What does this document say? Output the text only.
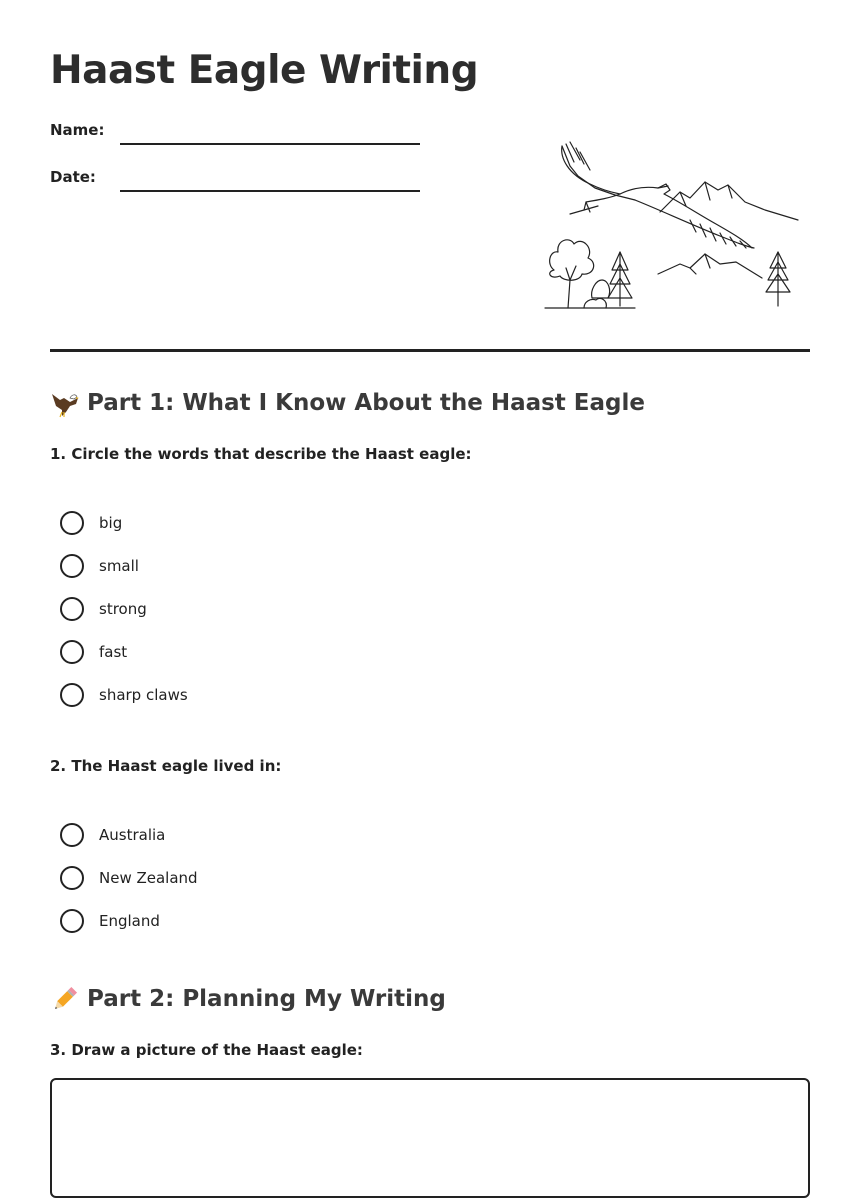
Haast Eagle Writing
Name:
Date:
Part 1: What I Know About the Haast Eagle
1. Circle the words that describe the Haast eagle:
big
small
strong
fast
sharp claws
2. The Haast eagle lived in:
Australia
New Zealand
England
Part 2: Planning My Writing
3. Draw a picture of the Haast eagle:
